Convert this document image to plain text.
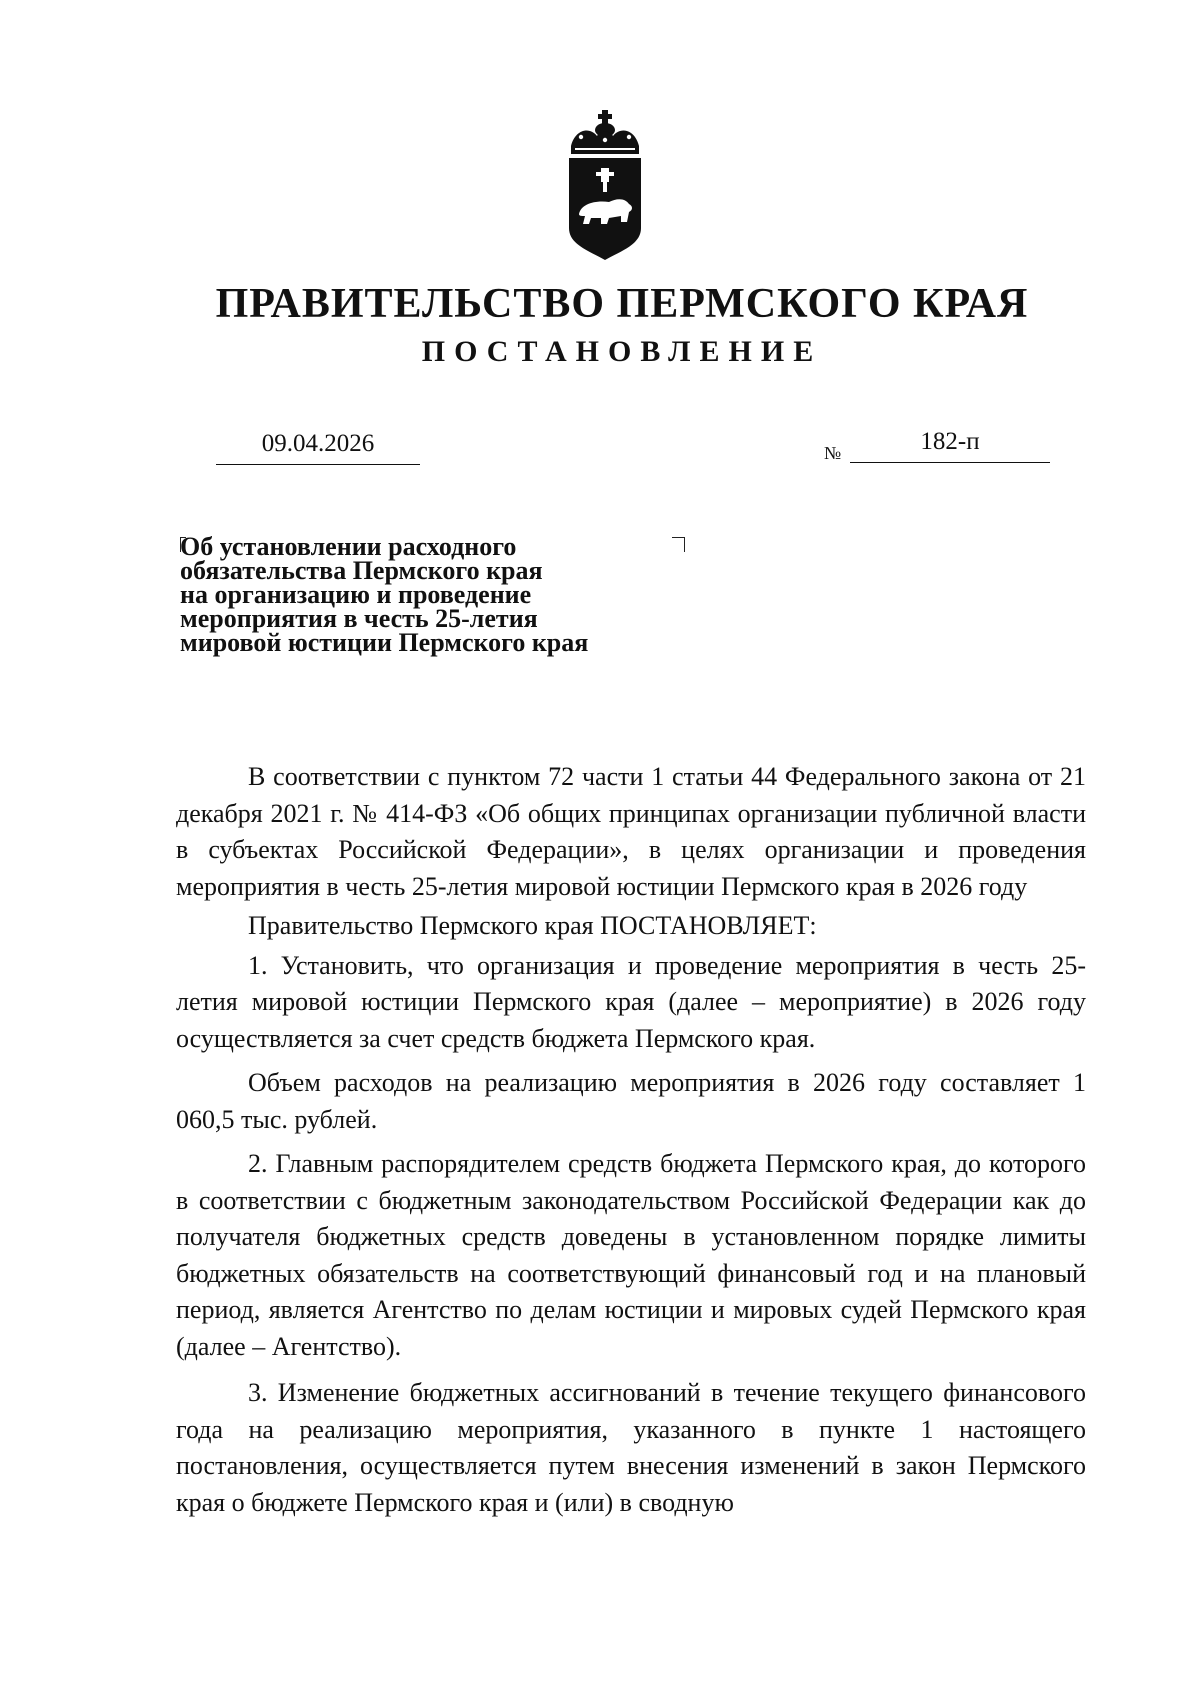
ПРАВИТЕЛЬСТВО ПЕРМСКОГО КРАЯ
ПОСТАНОВЛЕНИЕ
09.04.2026	№	182-п
Об установлении расходного
обязательства Пермского края
на организацию и проведение
мероприятия в честь 25-летия
мировой юстиции Пермского края

В соответствии с пунктом 72 части 1 статьи 44 Федерального закона от 21 декабря 2021 г. № 414-ФЗ «Об общих принципах организации публичной власти в субъектах Российской Федерации», в целях организации и проведения мероприятия в честь 25-летия мировой юстиции Пермского края в 2026 году

Правительство Пермского края ПОСТАНОВЛЯЕТ:

1. Установить, что организация и проведение мероприятия в честь 25-летия мировой юстиции Пермского края (далее – мероприятие) в 2026 году осуществляется за счет средств бюджета Пермского края.

Объем расходов на реализацию мероприятия в 2026 году составляет 1 060,5 тыс. рублей.

2. Главным распорядителем средств бюджета Пермского края, до которого в соответствии с бюджетным законодательством Российской Федерации как до получателя бюджетных средств доведены в установленном порядке лимиты бюджетных обязательств на соответствующий финансовый год и на плановый период, является Агентство по делам юстиции и мировых судей Пермского края (далее – Агентство).

3. Изменение бюджетных ассигнований в течение текущего финансового года на реализацию мероприятия, указанного в пункте 1 настоящего постановления, осуществляется путем внесения изменений в закон Пермского края о бюджете Пермского края и (или) в сводную
